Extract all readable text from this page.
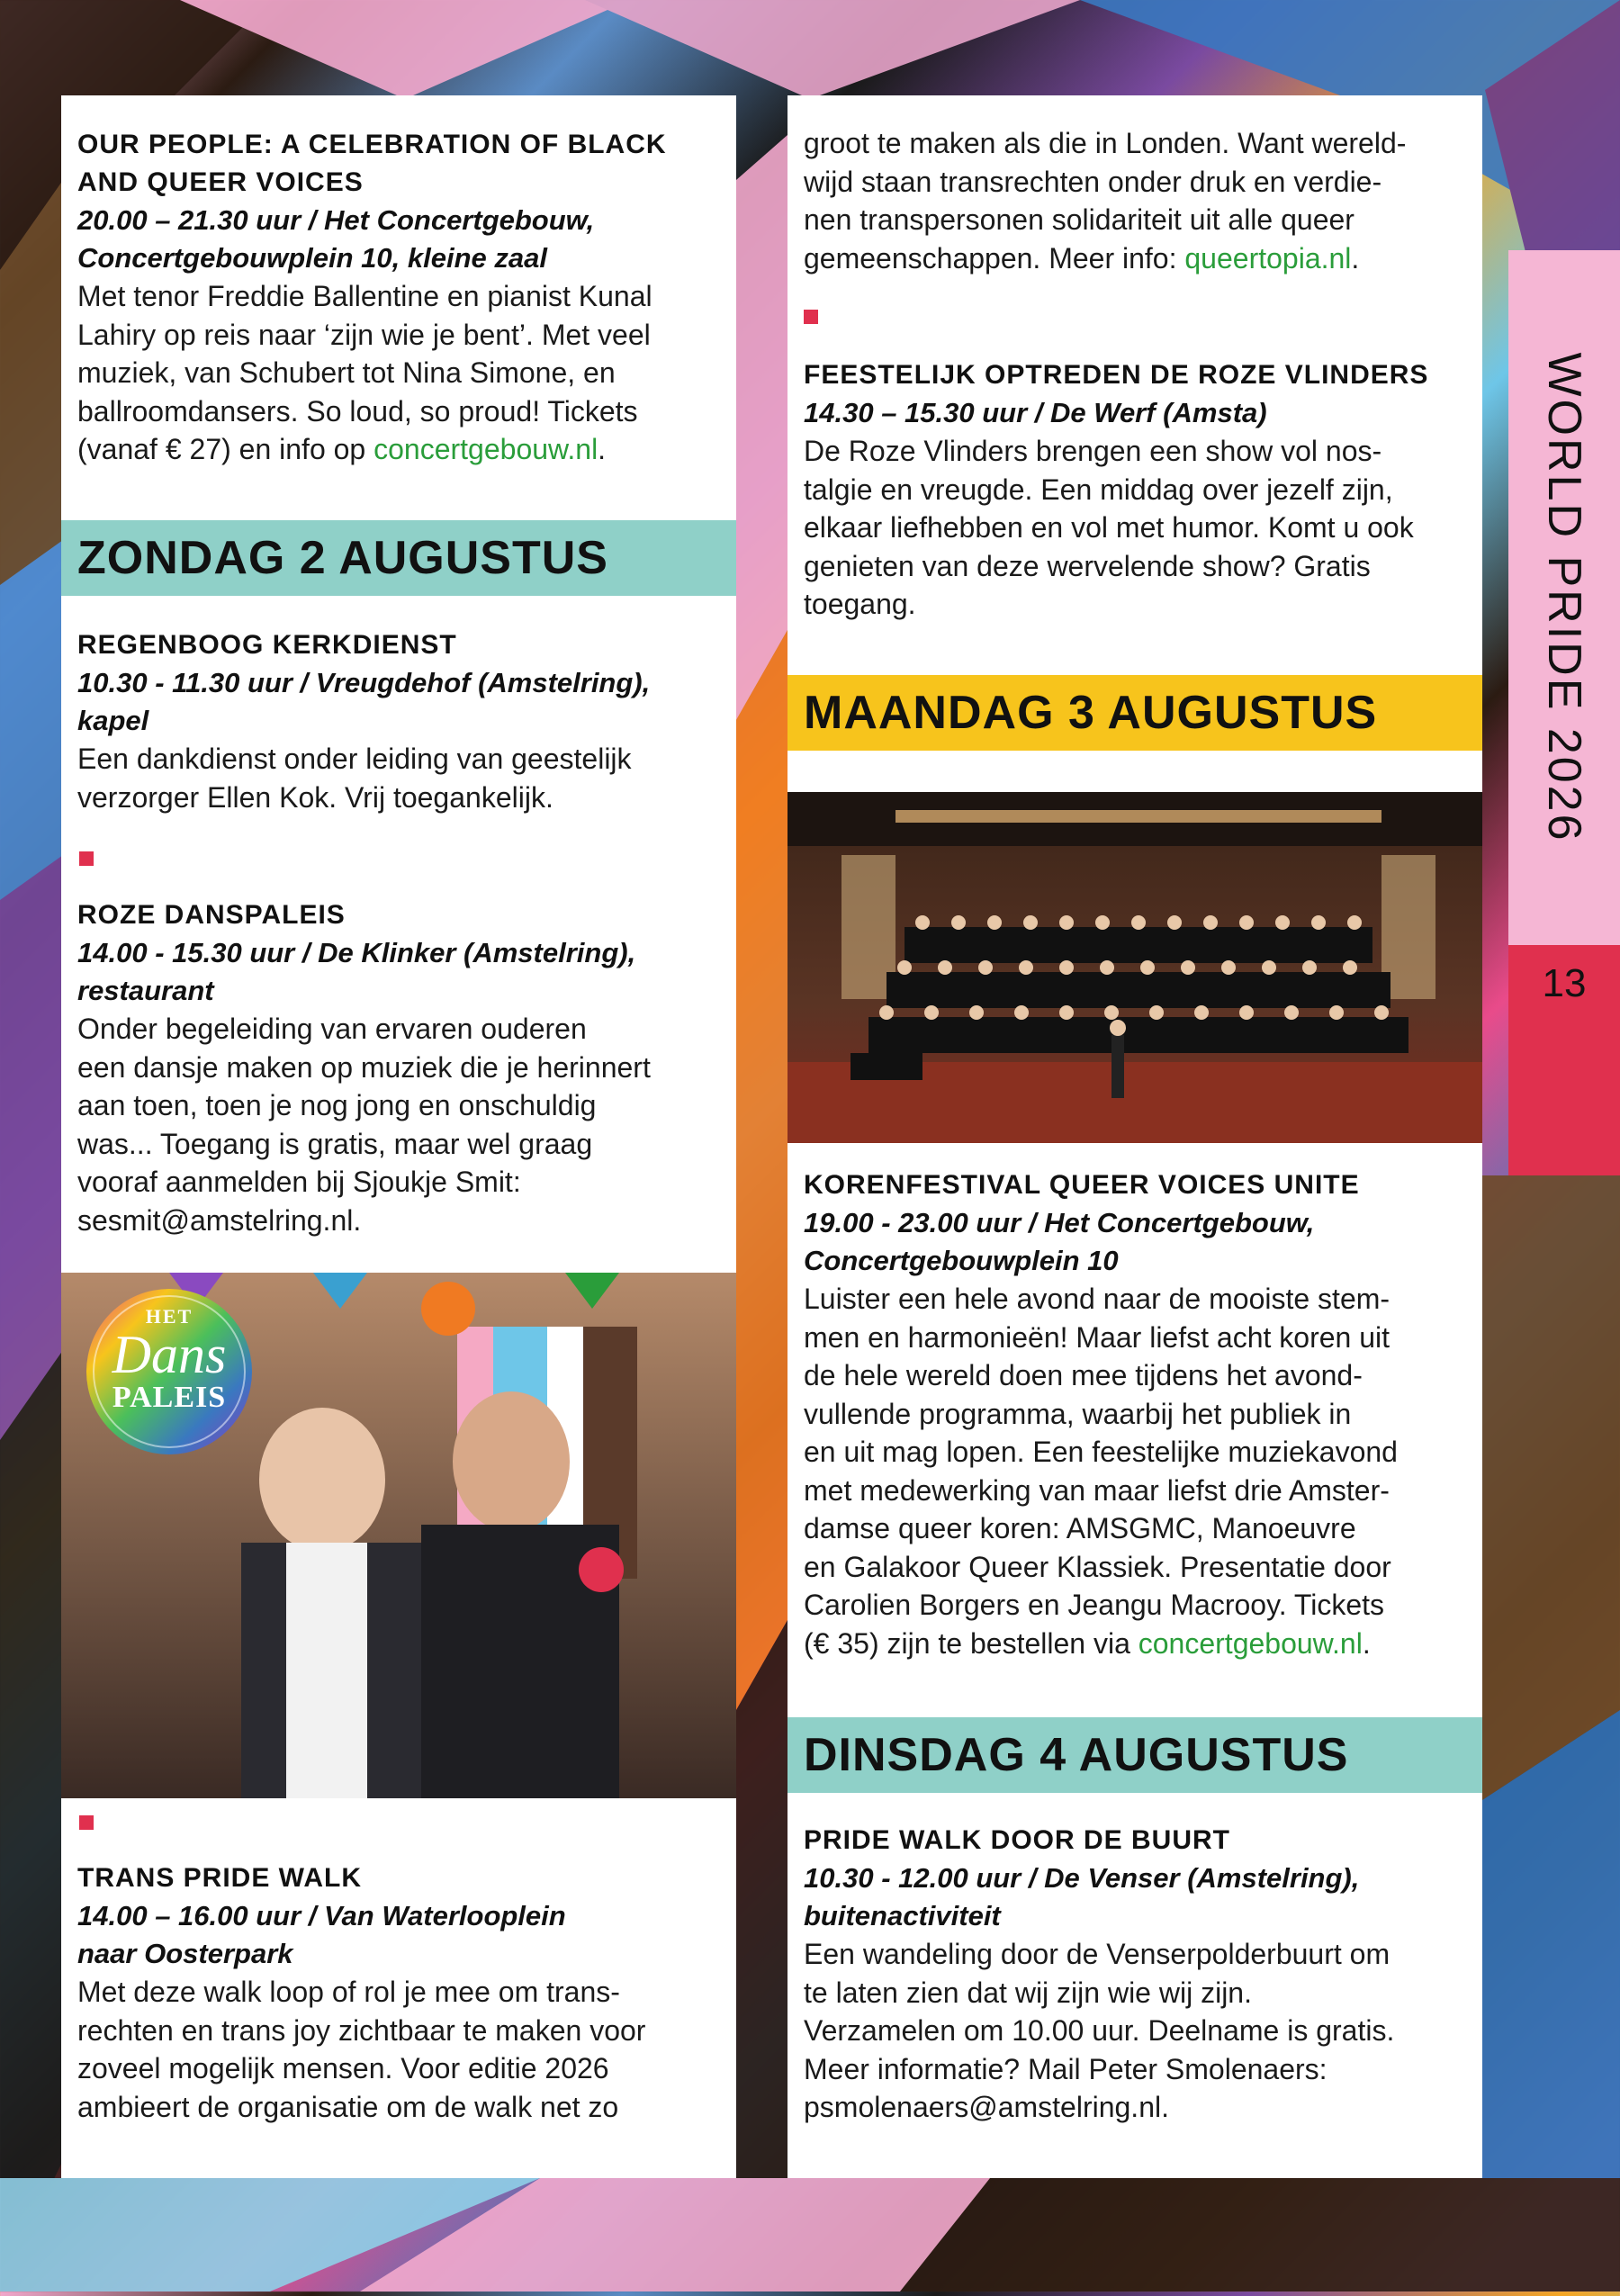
OUR PEOPLE: A CELEBRATION OF BLACK
AND QUEER VOICES
20.00 – 21.30 uur / Het Concertgebouw,
Concertgebouwplein 10, kleine zaal
Met tenor Freddie Ballentine en pianist Kunal
Lahiry op reis naar ‘zijn wie je bent’. Met veel
muziek, van Schubert tot Nina Simone, en
ballroomdansers. So loud, so proud! Tickets
(vanaf € 27) en info op concertgebouw.nl.
ZONDAG 2 AUGUSTUS
REGENBOOG KERKDIENST
10.30 - 11.30 uur / Vreugdehof (Amstelring),
kapel
Een dankdienst onder leiding van geestelijk
verzorger Ellen Kok. Vrij toegankelijk.
ROZE DANSPALEIS
14.00 - 15.30 uur / De Klinker (Amstelring),
restaurant
Onder begeleiding van ervaren ouderen
een dansje maken op muziek die je herinnert
aan toen, toen je nog jong en onschuldig
was... Toegang is gratis, maar wel graag
vooraf aanmelden bij Sjoukje Smit:
sesmit@amstelring.nl.
HET
Dans
PALEIS
TRANS PRIDE WALK
14.00 – 16.00 uur / Van Waterlooplein
naar Oosterpark
Met deze walk loop of rol je mee om trans-
rechten en trans joy zichtbaar te maken voor
zoveel mogelijk mensen. Voor editie 2026
ambieert de organisatie om de walk net zo
groot te maken als die in Londen. Want wereld-
wijd staan transrechten onder druk en verdie-
nen transpersonen solidariteit uit alle queer
gemeenschappen. Meer info: queertopia.nl.
FEESTELIJK OPTREDEN DE ROZE VLINDERS
14.30 – 15.30 uur / De Werf (Amsta)
De Roze Vlinders brengen een show vol nos-
talgie en vreugde. Een middag over jezelf zijn,
elkaar liefhebben en vol met humor. Komt u ook
genieten van deze wervelende show? Gratis
toegang.
MAANDAG 3 AUGUSTUS
KORENFESTIVAL QUEER VOICES UNITE
19.00 - 23.00 uur / Het Concertgebouw,
Concertgebouwplein 10
Luister een hele avond naar de mooiste stem-
men en harmonieën! Maar liefst acht koren uit
de hele wereld doen mee tijdens het avond-
vullende programma, waarbij het publiek in
en uit mag lopen. Een feestelijke muziekavond
met medewerking van maar liefst drie Amster-
damse queer koren: AMSGMC, Manoeuvre
en Galakoor Queer Klassiek. Presentatie door
Carolien Borgers en Jeangu Macrooy. Tickets
(€ 35) zijn te bestellen via concertgebouw.nl.
DINSDAG 4 AUGUSTUS
PRIDE WALK DOOR DE BUURT
10.30 - 12.00 uur / De Venser (Amstelring),
buitenactiviteit
Een wandeling door de Venserpolderbuurt om
te laten zien dat wij zijn wie wij zijn.
Verzamelen om 10.00 uur. Deelname is gratis.
Meer informatie? Mail Peter Smolenaers:
psmolenaers@amstelring.nl.
WORLD PRIDE 2026
13
